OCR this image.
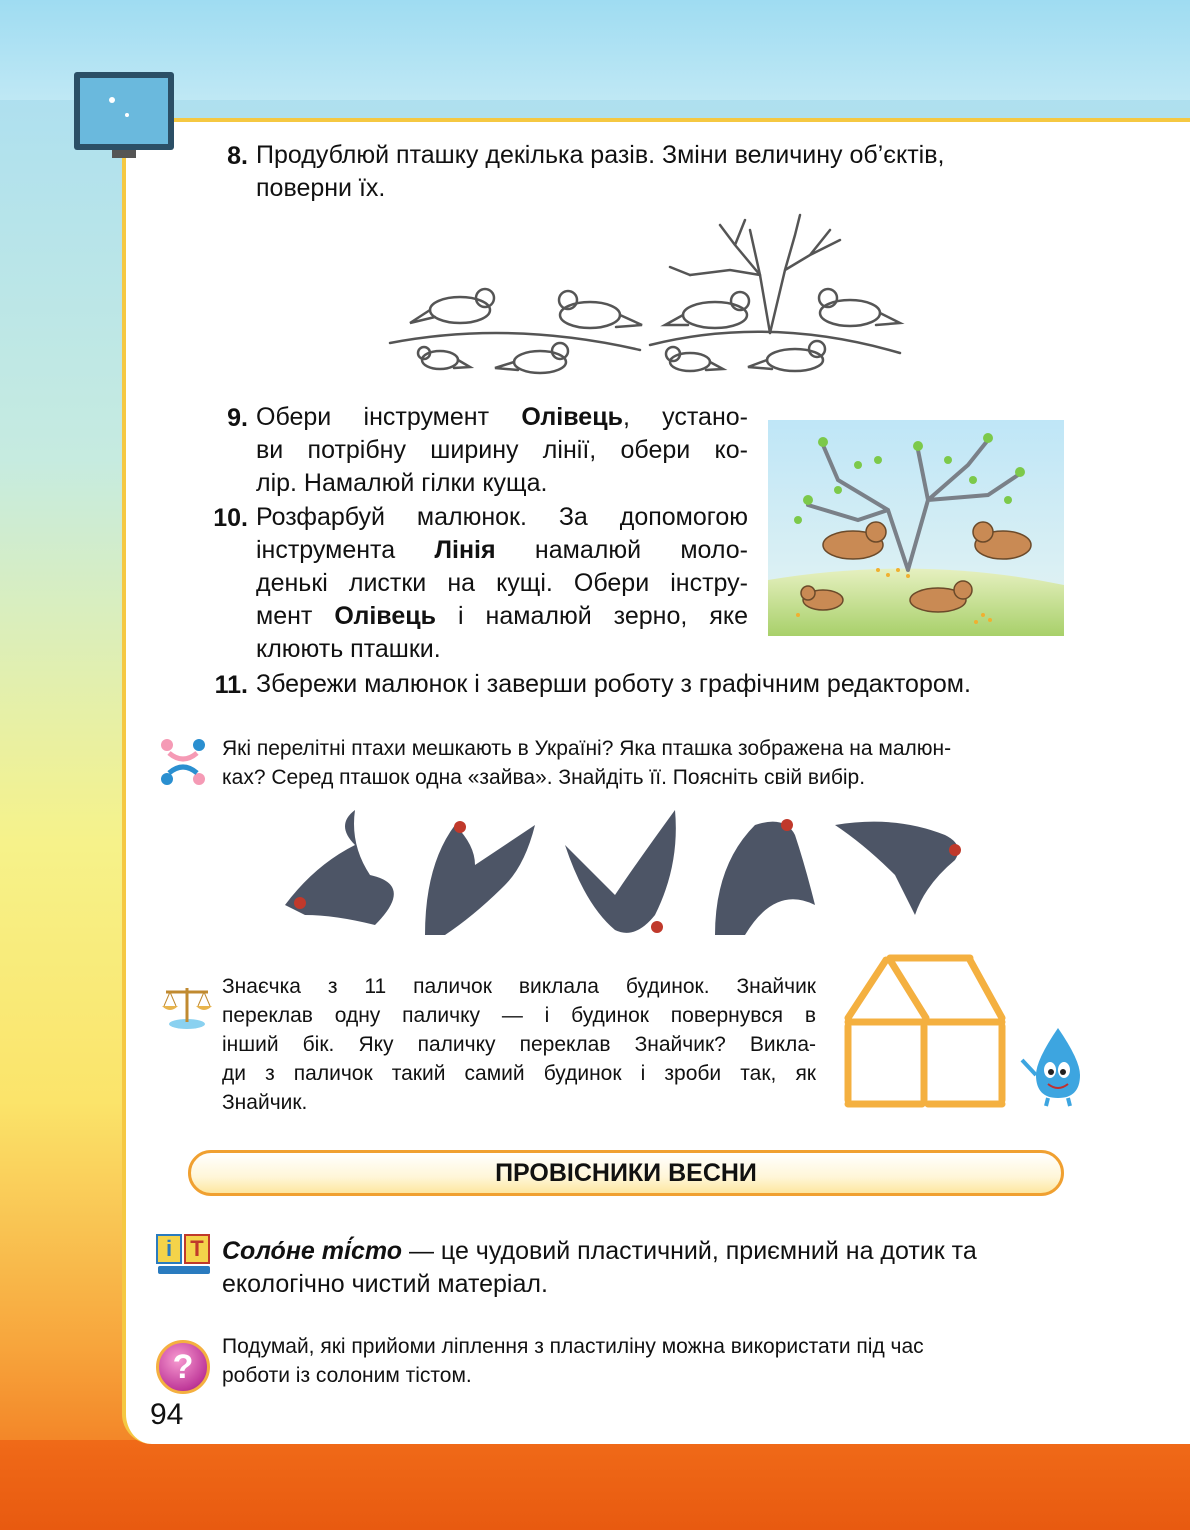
8. Продублюй пташку декілька разів. Зміни величину об’єктів,
поверни їх.
9. Обери інструмент Олівець, устано-
ви потрібну ширину лінії, обери ко-
лір. Намалюй гілки куща.
10. Розфарбуй малюнок. За допомогою
інструмента Лінія намалюй моло-
денькі листки на кущі. Обери інстру-
мент Олівець і намалюй зерно, яке
клюють пташки.
11. Збережи малюнок і заверши роботу з графічним редактором.
Які перелітні птахи мешкають в Україні? Яка пташка зображена на малюн-
ках? Серед пташок одна «зайва». Знайдіть її. Поясніть свій вибір.
Знаєчка з 11 паличок виклала будинок. Знайчик
переклав одну паличку — і будинок повернувся в
інший бік. Яку паличку переклав Знайчик? Викла-
ди з паличок такий самий будинок і зроби так, як
Знайчик.
ПРОВІСНИКИ ВЕСНИ
і Т Соло́не ті́сто — це чудовий пластичний, приємний на дотик та
екологічно чистий матеріал.
?
Подумай, які прийоми ліплення з пластиліну можна використати під час
роботи із солоним тістом.
94
